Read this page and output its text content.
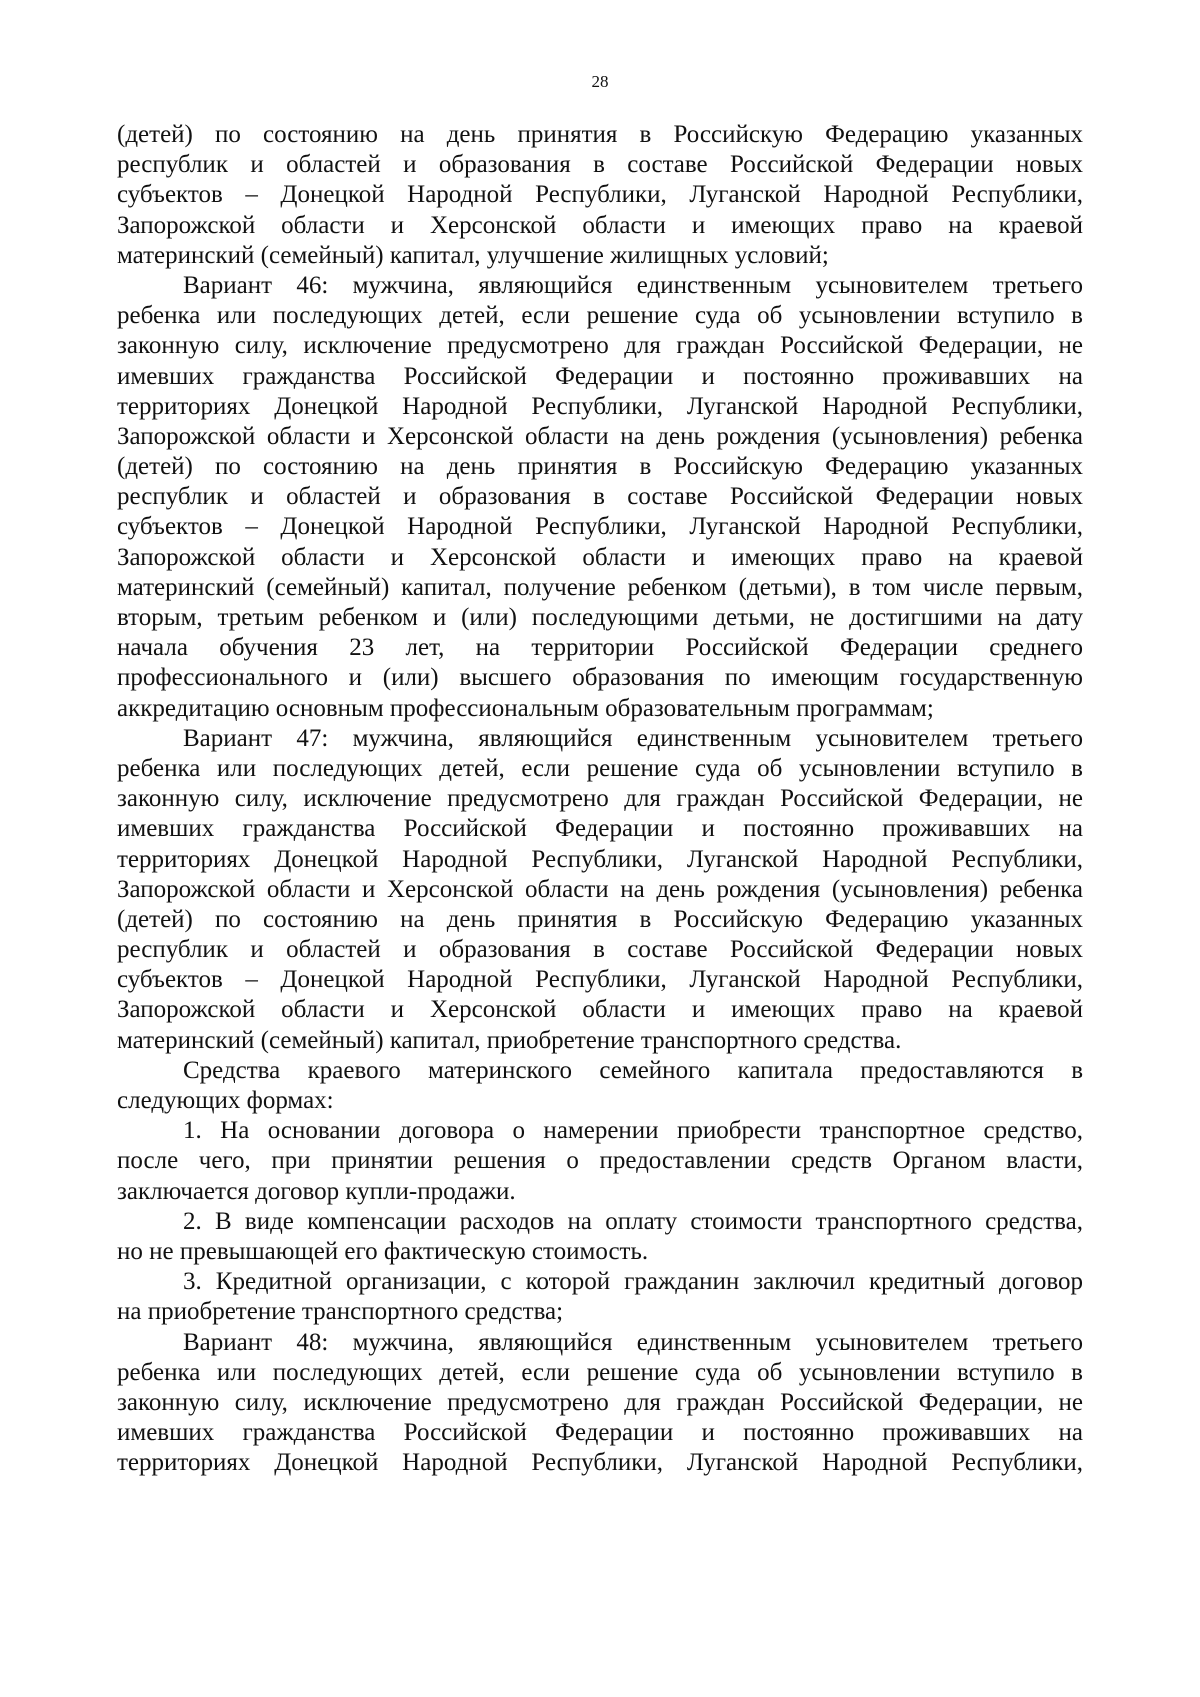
28
(детей) по состоянию на день принятия в Российскую Федерацию указанных
республик и областей и образования в составе Российской Федерации новых
субъектов – Донецкой Народной Республики, Луганской Народной Республики,
Запорожской области и Херсонской области и имеющих право на краевой
материнский (семейный) капитал, улучшение жилищных условий;
Вариант 46: мужчина, являющийся единственным усыновителем третьего
ребенка или последующих детей, если решение суда об усыновлении вступило в
законную силу, исключение предусмотрено для граждан Российской Федерации, не
имевших гражданства Российской Федерации и постоянно проживавших на
территориях Донецкой Народной Республики, Луганской Народной Республики,
Запорожской области и Херсонской области на день рождения (усыновления) ребенка
(детей) по состоянию на день принятия в Российскую Федерацию указанных
республик и областей и образования в составе Российской Федерации новых
субъектов – Донецкой Народной Республики, Луганской Народной Республики,
Запорожской области и Херсонской области и имеющих право на краевой
материнский (семейный) капитал, получение ребенком (детьми), в том числе первым,
вторым, третьим ребенком и (или) последующими детьми, не достигшими на дату
начала обучения 23 лет, на территории Российской Федерации среднего
профессионального и (или) высшего образования по имеющим государственную
аккредитацию основным профессиональным образовательным программам;
Вариант 47: мужчина, являющийся единственным усыновителем третьего
ребенка или последующих детей, если решение суда об усыновлении вступило в
законную силу, исключение предусмотрено для граждан Российской Федерации, не
имевших гражданства Российской Федерации и постоянно проживавших на
территориях Донецкой Народной Республики, Луганской Народной Республики,
Запорожской области и Херсонской области на день рождения (усыновления) ребенка
(детей) по состоянию на день принятия в Российскую Федерацию указанных
республик и областей и образования в составе Российской Федерации новых
субъектов – Донецкой Народной Республики, Луганской Народной Республики,
Запорожской области и Херсонской области и имеющих право на краевой
материнский (семейный) капитал, приобретение транспортного средства.
Средства краевого материнского семейного капитала предоставляются в
следующих формах:
1. На основании договора о намерении приобрести транспортное средство,
после чего, при принятии решения о предоставлении средств Органом власти,
заключается договор купли-продажи.
2. В виде компенсации расходов на оплату стоимости транспортного средства,
но не превышающей его фактическую стоимость.
3. Кредитной организации, с которой гражданин заключил кредитный договор
на приобретение транспортного средства;
Вариант 48: мужчина, являющийся единственным усыновителем третьего
ребенка или последующих детей, если решение суда об усыновлении вступило в
законную силу, исключение предусмотрено для граждан Российской Федерации, не
имевших гражданства Российской Федерации и постоянно проживавших на
территориях Донецкой Народной Республики, Луганской Народной Республики,
